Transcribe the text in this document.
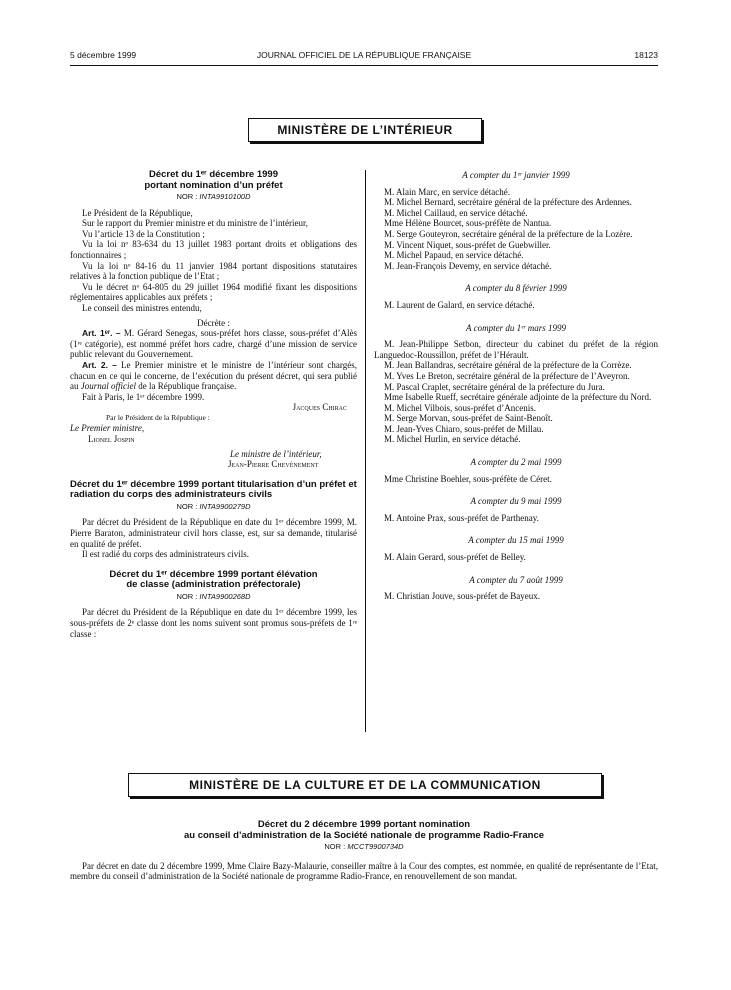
5 décembre 1999	JOURNAL OFFICIEL DE LA RÉPUBLIQUE FRANÇAISE	18123
MINISTÈRE DE L’INTÉRIEUR
Décret du 1ᵉʳ décembre 1999
portant nomination d’un préfet
NOR : INTA9910100D

Le Président de la République,

Sur le rapport du Premier ministre et du ministre de l’intérieur,

Vu l’article 13 de la Constitution ;

Vu la loi nᵒ 83-634 du 13 juillet 1983 portant droits et obligations des fonctionnaires ;

Vu la loi nᵒ 84-16 du 11 janvier 1984 portant dispositions statutaires relatives à la fonction publique de l’Etat ;

Vu le décret nᵒ 64-805 du 29 juillet 1964 modifié fixant les dispositions réglementaires applicables aux préfets ;

Le conseil des ministres entendu,

Décrète :

Art. 1ᵉʳ. – M. Gérard Senegas, sous-préfet hors classe, sous-préfet d’Alès (1ʳᵉ catégorie), est nommé préfet hors cadre, chargé d’une mission de service public relevant du Gouvernement.

Art. 2. – Le Premier ministre et le ministre de l’intérieur sont chargés, chacun en ce qui le concerne, de l’exécution du présent décret, qui sera publié au Journal officiel de la République française.

Fait à Paris, le 1ᵉʳ décembre 1999.

Jacques Chirac

Par le Président de la République :

Le Premier ministre,

Lionel Jospin

Le ministre de l’intérieur,

Jean-Pierre Chevènement

Décret du 1ᵉʳ décembre 1999 portant titularisation d’un préfet et radiation du corps des administrateurs civils
NOR : INTA9900279D

Par décret du Président de la République en date du 1ᵉʳ décembre 1999, M. Pierre Baraton, administrateur civil hors classe, est, sur sa demande, titularisé en qualité de préfet.

Il est radié du corps des administrateurs civils.

Décret du 1ᵉʳ décembre 1999 portant élévation
de classe (administration préfectorale)
NOR : INTA9900268D

Par décret du Président de la République en date du 1ᵉʳ décembre 1999, les sous-préfets de 2ᵉ classe dont les noms suivent sont promus sous-préfets de 1ʳᵉ classe :

A compter du 1ᵉʳ janvier 1999

M. Alain Marc, en service détaché.

M. Michel Bernard, secrétaire général de la préfecture des Ardennes.

M. Michel Caillaud, en service détaché.

Mme Hélène Bourcet, sous-préfète de Nantua.

M. Serge Gouteyron, secrétaire général de la préfecture de la Lozère.

M. Vincent Niquet, sous-préfet de Guebwiller.

M. Michel Papaud, en service détaché.

M. Jean-François Devemy, en service détaché.

A compter du 8 février 1999

M. Laurent de Galard, en service détaché.

A compter du 1ᵉʳ mars 1999

M. Jean-Philippe Setbon, directeur du cabinet du préfet de la région Languedoc-Roussillon, préfet de l’Hérault.

M. Jean Ballandras, secrétaire général de la préfecture de la Corrèze.

M. Yves Le Breton, secrétaire général de la préfecture de l’Aveyron.

M. Pascal Craplet, secrétaire général de la préfecture du Jura.

Mme Isabelle Rueff, secrétaire générale adjointe de la préfecture du Nord.

M. Michel Vilbois, sous-préfet d’Ancenis.

M. Serge Morvan, sous-préfet de Saint-Benoît.

M. Jean-Yves Chiaro, sous-préfet de Millau.

M. Michel Hurlin, en service détaché.

A compter du 2 mai 1999

Mme Christine Boehler, sous-préfète de Céret.

A compter du 9 mai 1999

M. Antoine Prax, sous-préfet de Parthenay.

A compter du 15 mai 1999

M. Alain Gerard, sous-préfet de Belley.

A compter du 7 août 1999

M. Christian Jouve, sous-préfet de Bayeux.

MINISTÈRE DE LA CULTURE ET DE LA COMMUNICATION
Décret du 2 décembre 1999 portant nomination
au conseil d’administration de la Société nationale de programme Radio-France
NOR : MCCT9900734D

Par décret en date du 2 décembre 1999, Mme Claire Bazy-Malaurie, conseiller maître à la Cour des comptes, est nommée, en qualité de représentante de l’Etat, membre du conseil d’administration de la Société nationale de programme Radio-France, en renouvellement de son mandat.
